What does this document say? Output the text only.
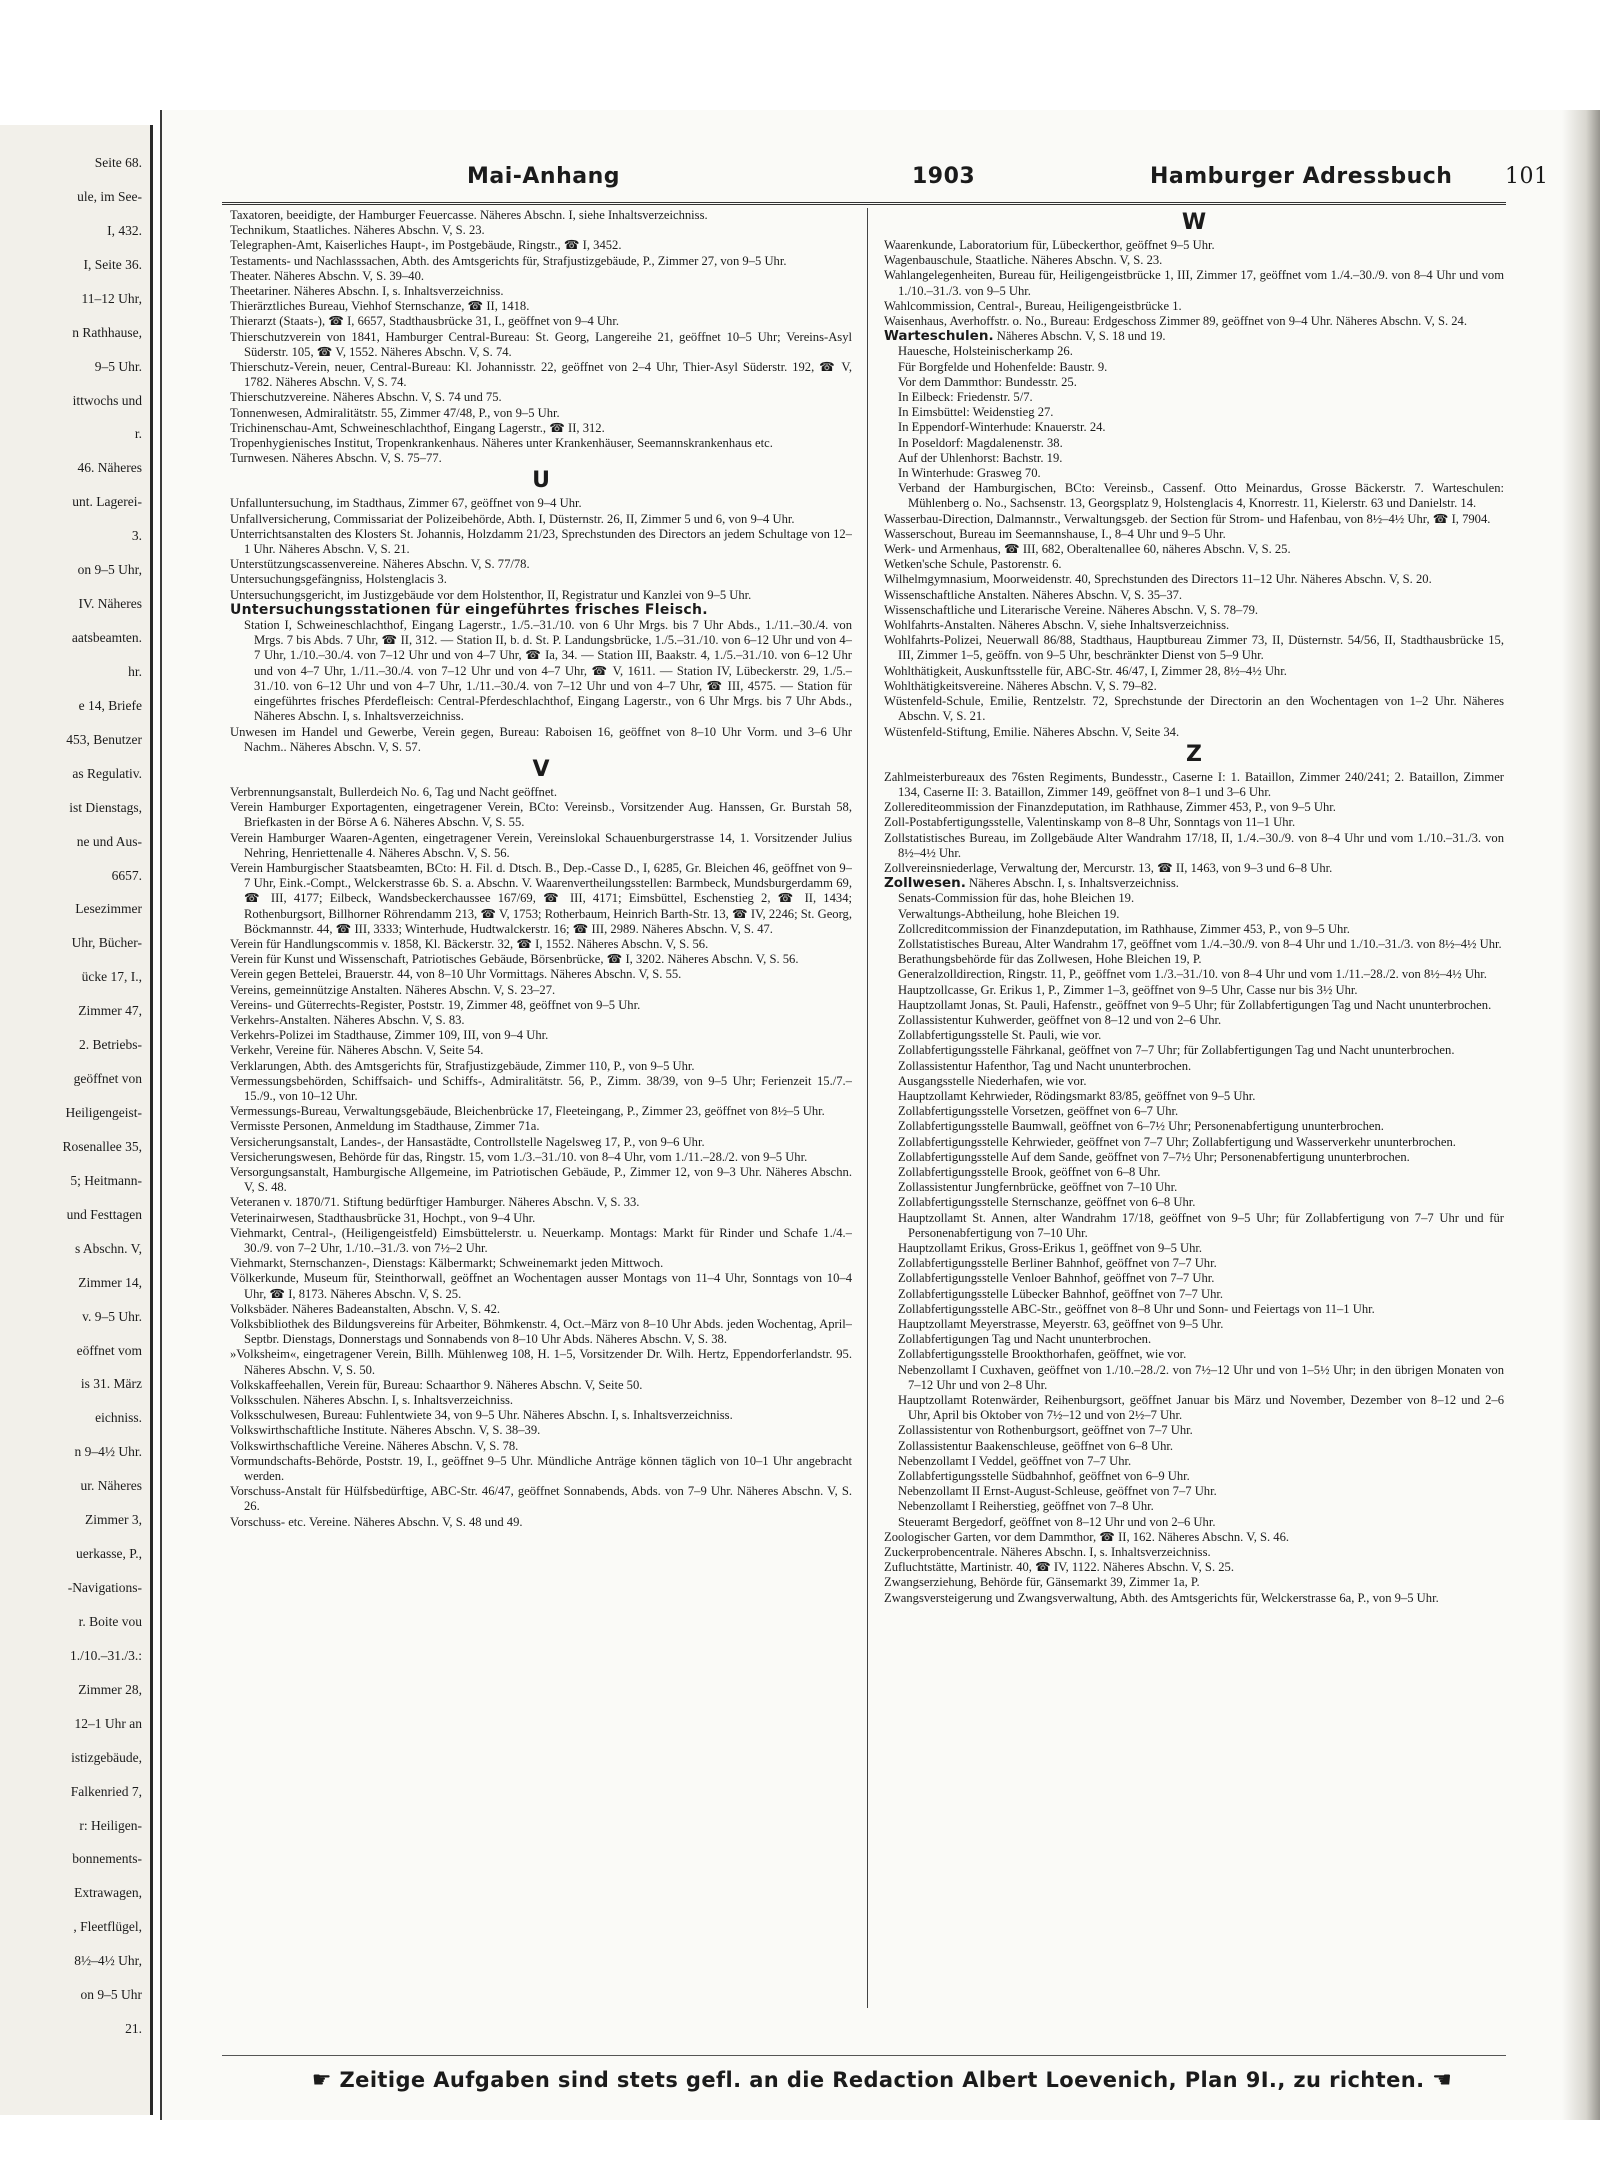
Seite 68.
ule, im See-
I, 432.
I, Seite 36.
11–12 Uhr,
n Rathhause,
9–5 Uhr.
ittwochs und
r.
46. Näheres
unt. Lagerei-
3.
on 9–5 Uhr,
IV. Näheres
aatsbeamten.
hr.
e 14, Briefe
453, Benutzer
as Regulativ.
ist Dienstags,
ne und Aus-
6657.
Lesezimmer
Uhr, Bücher-
ücke 17, I.,
Zimmer 47,
2. Betriebs-
geöffnet von
Heiligengeist-
Rosenallee 35,
5; Heitmann-
und Festtagen
s Abschn. V,
Zimmer 14,
v. 9–5 Uhr.
eöffnet vom
is 31. März
eichniss.
n 9–4½ Uhr.
ur. Näheres
Zimmer 3,
uerkasse, P.,
-Navigations-
r. Boite vou
1./10.–31./3.:
Zimmer 28,
12–1 Uhr an
istizgebäude,
Falkenried 7,
r: Heiligen-
bonnements-
Extrawagen,
, Fleetflügel,
8½–4½ Uhr,
on 9–5 Uhr
21.
Mai-Anhang	1903	Hamburger Adressbuch 101

Taxatoren, beeidigte, der Hamburger Feuercasse. Näheres Abschn. I, siehe Inhaltsverzeichniss.

Technikum, Staatliches. Näheres Abschn. V, S. 23.

Telegraphen-Amt, Kaiserliches Haupt-, im Postgebäude, Ringstr., ☎ I, 3452.

Testaments- und Nachlasssachen, Abth. des Amtsgerichts für, Strafjustizgebäude, P., Zimmer 27, von 9–5 Uhr.

Theater. Näheres Abschn. V, S. 39–40.

Theetariner. Näheres Abschn. I, s. Inhaltsverzeichniss.

Thierärztliches Bureau, Viehhof Sternschanze, ☎ II, 1418.

Thierarzt (Staats-), ☎ I, 6657, Stadthausbrücke 31, I., geöffnet von 9–4 Uhr.

Thierschutzverein von 1841, Hamburger Central-Bureau: St. Georg, Langereihe 21, geöffnet 10–5 Uhr; Vereins-Asyl Süderstr. 105, ☎ V, 1552. Näheres Abschn. V, S. 74.

Thierschutz-Verein, neuer, Central-Bureau: Kl. Johannisstr. 22, geöffnet von 2–4 Uhr, Thier-Asyl Süderstr. 192, ☎ V, 1782. Näheres Abschn. V, S. 74.

Thierschutzvereine. Näheres Abschn. V, S. 74 und 75.

Tonnenwesen, Admiralitätstr. 55, Zimmer 47/48, P., von 9–5 Uhr.

Trichinenschau-Amt, Schweineschlachthof, Eingang Lagerstr., ☎ II, 312.

Tropenhygienisches Institut, Tropenkrankenhaus. Näheres unter Krankenhäuser, Seemannskrankenhaus etc.

Turnwesen. Näheres Abschn. V, S. 75–77.

U

Unfalluntersuchung, im Stadthaus, Zimmer 67, geöffnet von 9–4 Uhr.

Unfallversicherung, Commissariat der Polizeibehörde, Abth. I, Düsternstr. 26, II, Zimmer 5 und 6, von 9–4 Uhr.

Unterrichtsanstalten des Klosters St. Johannis, Holzdamm 21/23, Sprechstunden des Directors an jedem Schultage von 12–1 Uhr. Näheres Abschn. V, S. 21.

Unterstützungscassenvereine. Näheres Abschn. V, S. 77/78.

Untersuchungsgefängniss, Holstenglacis 3.

Untersuchungsgericht, im Justizgebäude vor dem Holstenthor, II, Registratur und Kanzlei von 9–5 Uhr.

Untersuchungsstationen für eingeführtes frisches Fleisch.

Station I, Schweineschlachthof, Eingang Lagerstr., 1./5.–31./10. von 6 Uhr Mrgs. bis 7 Uhr Abds., 1./11.–30./4. von Mrgs. 7 bis Abds. 7 Uhr, ☎ II, 312. — Station II, b. d. St. P. Landungsbrücke, 1./5.–31./10. von 6–12 Uhr und von 4–7 Uhr, 1./10.–30./4. von 7–12 Uhr und von 4–7 Uhr, ☎ Ia, 34. — Station III, Baakstr. 4, 1./5.–31./10. von 6–12 Uhr und von 4–7 Uhr, 1./11.–30./4. von 7–12 Uhr und von 4–7 Uhr, ☎ V, 1611. — Station IV, Lübeckerstr. 29, 1./5.–31./10. von 6–12 Uhr und von 4–7 Uhr, 1./11.–30./4. von 7–12 Uhr und von 4–7 Uhr, ☎ III, 4575. — Station für eingeführtes frisches Pferdefleisch: Central-Pferdeschlachthof, Eingang Lagerstr., von 6 Uhr Mrgs. bis 7 Uhr Abds., Näheres Abschn. I, s. Inhaltsverzeichniss.

Unwesen im Handel und Gewerbe, Verein gegen, Bureau: Raboisen 16, geöffnet von 8–10 Uhr Vorm. und 3–6 Uhr Nachm.. Näheres Abschn. V, S. 57.

V

Verbrennungsanstalt, Bullerdeich No. 6, Tag und Nacht geöffnet.

Verein Hamburger Exportagenten, eingetragener Verein, BCto: Vereinsb., Vorsitzender Aug. Hanssen, Gr. Burstah 58, Briefkasten in der Börse A 6. Näheres Abschn. V, S. 55.

Verein Hamburger Waaren-Agenten, eingetragener Verein, Vereinslokal Schauenburgerstrasse 14, 1. Vorsitzender Julius Nehring, Henriettenalle 4. Näheres Abschn. V, S. 56.

Verein Hamburgischer Staatsbeamten, BCto: H. Fil. d. Dtsch. B., Dep.-Casse D., I, 6285, Gr. Bleichen 46, geöffnet von 9–7 Uhr, Eink.-Compt., Welckerstrasse 6b. S. a. Abschn. V. Waarenvertheilungsstellen: Barmbeck, Mundsburgerdamm 69, ☎ III, 4177; Eilbeck, Wandsbeckerchaussee 167/69, ☎ III, 4171; Eimsbüttel, Eschenstieg 2, ☎ II, 1434; Rothenburgsort, Billhorner Röhrendamm 213, ☎ V, 1753; Rotherbaum, Heinrich Barth-Str. 13, ☎ IV, 2246; St. Georg, Böckmannstr. 44, ☎ III, 3333; Winterhude, Hudtwalckerstr. 16; ☎ III, 2989. Näheres Abschn. V, S. 47.

Verein für Handlungscommis v. 1858, Kl. Bäckerstr. 32, ☎ I, 1552. Näheres Abschn. V, S. 56.

Verein für Kunst und Wissenschaft, Patriotisches Gebäude, Börsenbrücke, ☎ I, 3202. Näheres Abschn. V, S. 56.

Verein gegen Bettelei, Brauerstr. 44, von 8–10 Uhr Vormittags. Näheres Abschn. V, S. 55.

Vereins, gemeinnützige Anstalten. Näheres Abschn. V, S. 23–27.

Vereins- und Güterrechts-Register, Poststr. 19, Zimmer 48, geöffnet von 9–5 Uhr.

Verkehrs-Anstalten. Näheres Abschn. V, S. 83.

Verkehrs-Polizei im Stadthause, Zimmer 109, III, von 9–4 Uhr.

Verkehr, Vereine für. Näheres Abschn. V, Seite 54.

Verklarungen, Abth. des Amtsgerichts für, Strafjustizgebäude, Zimmer 110, P., von 9–5 Uhr.

Vermessungsbehörden, Schiffsaich- und Schiffs-, Admiralitätstr. 56, P., Zimm. 38/39, von 9–5 Uhr; Ferienzeit 15./7.–15./9., von 10–12 Uhr.

Vermessungs-Bureau, Verwaltungsgebäude, Bleichenbrücke 17, Fleeteingang, P., Zimmer 23, geöffnet von 8½–5 Uhr.

Vermisste Personen, Anmeldung im Stadthause, Zimmer 71a.

Versicherungsanstalt, Landes-, der Hansastädte, Controllstelle Nagelsweg 17, P., von 9–6 Uhr.

Versicherungswesen, Behörde für das, Ringstr. 15, vom 1./3.–31./10. von 8–4 Uhr, vom 1./11.–28./2. von 9–5 Uhr.

Versorgungsanstalt, Hamburgische Allgemeine, im Patriotischen Gebäude, P., Zimmer 12, von 9–3 Uhr. Näheres Abschn. V, S. 48.

Veteranen v. 1870/71. Stiftung bedürftiger Hamburger. Näheres Abschn. V, S. 33.

Veterinairwesen, Stadthausbrücke 31, Hochpt., von 9–4 Uhr.

Viehmarkt, Central-, (Heiligengeistfeld) Eimsbüttelerstr. u. Neuerkamp. Montags: Markt für Rinder und Schafe 1./4.–30./9. von 7–2 Uhr, 1./10.–31./3. von 7½–2 Uhr.

Viehmarkt, Sternschanzen-, Dienstags: Kälbermarkt; Schweinemarkt jeden Mittwoch.

Völkerkunde, Museum für, Steinthorwall, geöffnet an Wochentagen ausser Montags von 11–4 Uhr, Sonntags von 10–4 Uhr, ☎ I, 8173. Näheres Abschn. V, S. 25.

Volksbäder. Näheres Badeanstalten, Abschn. V, S. 42.

Volksbibliothek des Bildungsvereins für Arbeiter, Böhmkenstr. 4, Oct.–März von 8–10 Uhr Abds. jeden Wochentag, April–Septbr. Dienstags, Donnerstags und Sonnabends von 8–10 Uhr Abds. Näheres Abschn. V, S. 38.

»Volksheim«, eingetragener Verein, Billh. Mühlenweg 108, H. 1–5, Vorsitzender Dr. Wilh. Hertz, Eppendorferlandstr. 95. Näheres Abschn. V, S. 50.

Volkskaffeehallen, Verein für, Bureau: Schaarthor 9. Näheres Abschn. V, Seite 50.

Volksschulen. Näheres Abschn. I, s. Inhaltsverzeichniss.

Volksschulwesen, Bureau: Fuhlentwiete 34, von 9–5 Uhr. Näheres Abschn. I, s. Inhaltsverzeichniss.

Volkswirthschaftliche Institute. Näheres Abschn. V, S. 38–39.

Volkswirthschaftliche Vereine. Näheres Abschn. V, S. 78.

Vormundschafts-Behörde, Poststr. 19, I., geöffnet 9–5 Uhr. Mündliche Anträge können täglich von 10–1 Uhr angebracht werden.

Vorschuss-Anstalt für Hülfsbedürftige, ABC-Str. 46/47, geöffnet Sonnabends, Abds. von 7–9 Uhr. Näheres Abschn. V, S. 26.

Vorschuss- etc. Vereine. Näheres Abschn. V, S. 48 und 49.

W

Waarenkunde, Laboratorium für, Lübeckerthor, geöffnet 9–5 Uhr.

Wagenbauschule, Staatliche. Näheres Abschn. V, S. 23.

Wahlangelegenheiten, Bureau für, Heiligengeistbrücke 1, III, Zimmer 17, geöffnet vom 1./4.–30./9. von 8–4 Uhr und vom 1./10.–31./3. von 9–5 Uhr.

Wahlcommission, Central-, Bureau, Heiligengeistbrücke 1.

Waisenhaus, Averhoffstr. o. No., Bureau: Erdgeschoss Zimmer 89, geöffnet von 9–4 Uhr. Näheres Abschn. V, S. 24.

Warteschulen. Näheres Abschn. V, S. 18 und 19.

Hauesche, Holsteinischerkamp 26.

Für Borgfelde und Hohenfelde: Baustr. 9.

Vor dem Dammthor: Bundesstr. 25.

In Eilbeck: Friedenstr. 5/7.

In Eimsbüttel: Weidenstieg 27.

In Eppendorf-Winterhude: Knauerstr. 24.

In Poseldorf: Magdalenenstr. 38.

Auf der Uhlenhorst: Bachstr. 19.

In Winterhude: Grasweg 70.

Verband der Hamburgischen, BCto: Vereinsb., Cassenf. Otto Meinardus, Grosse Bäckerstr. 7. Warteschulen: Mühlenberg o. No., Sachsenstr. 13, Georgsplatz 9, Holstenglacis 4, Knorrestr. 11, Kielerstr. 63 und Danielstr. 14.

Wasserbau-Direction, Dalmannstr., Verwaltungsgeb. der Section für Strom- und Hafenbau, von 8½–4½ Uhr, ☎ I, 7904.

Wasserschout, Bureau im Seemannshause, I., 8–4 Uhr und 9–5 Uhr.

Werk- und Armenhaus, ☎ III, 682, Oberaltenallee 60, näheres Abschn. V, S. 25.

Wetken'sche Schule, Pastorenstr. 6.

Wilhelmgymnasium, Moorweidenstr. 40, Sprechstunden des Directors 11–12 Uhr. Näheres Abschn. V, S. 20.

Wissenschaftliche Anstalten. Näheres Abschn. V, S. 35–37.

Wissenschaftliche und Literarische Vereine. Näheres Abschn. V, S. 78–79.

Wohlfahrts-Anstalten. Näheres Abschn. V, siehe Inhaltsverzeichniss.

Wohlfahrts-Polizei, Neuerwall 86/88, Stadthaus, Hauptbureau Zimmer 73, II, Düsternstr. 54/56, II, Stadthausbrücke 15, III, Zimmer 1–5, geöffn. von 9–5 Uhr, beschränkter Dienst von 5–9 Uhr.

Wohlthätigkeit, Auskunftsstelle für, ABC-Str. 46/47, I, Zimmer 28, 8½–4½ Uhr.

Wohlthätigkeitsvereine. Näheres Abschn. V, S. 79–82.

Wüstenfeld-Schule, Emilie, Rentzelstr. 72, Sprechstunde der Directorin an den Wochentagen von 1–2 Uhr. Näheres Abschn. V, S. 21.

Wüstenfeld-Stiftung, Emilie. Näheres Abschn. V, Seite 34.

Z

Zahlmeisterbureaux des 76sten Regiments, Bundesstr., Caserne I: 1. Bataillon, Zimmer 240/241; 2. Bataillon, Zimmer 134, Caserne II: 3. Bataillon, Zimmer 149, geöffnet von 8–1 und 3–6 Uhr.

Zollerediteommission der Finanzdeputation, im Rathhause, Zimmer 453, P., von 9–5 Uhr.

Zoll-Postabfertigungsstelle, Valentinskamp von 8–8 Uhr, Sonntags von 11–1 Uhr.

Zollstatistisches Bureau, im Zollgebäude Alter Wandrahm 17/18, II, 1./4.–30./9. von 8–4 Uhr und vom 1./10.–31./3. von 8½–4½ Uhr.

Zollvereinsniederlage, Verwaltung der, Mercurstr. 13, ☎ II, 1463, von 9–3 und 6–8 Uhr.

Zollwesen. Näheres Abschn. I, s. Inhaltsverzeichniss.

Senats-Commission für das, hohe Bleichen 19.

Verwaltungs-Abtheilung, hohe Bleichen 19.

Zollcreditcommission der Finanzdeputation, im Rathhause, Zimmer 453, P., von 9–5 Uhr.

Zollstatistisches Bureau, Alter Wandrahm 17, geöffnet vom 1./4.–30./9. von 8–4 Uhr und 1./10.–31./3. von 8½–4½ Uhr.

Berathungsbehörde für das Zollwesen, Hohe Bleichen 19, P.

Generalzolldirection, Ringstr. 11, P., geöffnet vom 1./3.–31./10. von 8–4 Uhr und vom 1./11.–28./2. von 8½–4½ Uhr.

Hauptzollcasse, Gr. Erikus 1, P., Zimmer 1–3, geöffnet von 9–5 Uhr, Casse nur bis 3½ Uhr.

Hauptzollamt Jonas, St. Pauli, Hafenstr., geöffnet von 9–5 Uhr; für Zollabfertigungen Tag und Nacht ununterbrochen.

Zollassistentur Kuhwerder, geöffnet von 8–12 und von 2–6 Uhr.

Zollabfertigungsstelle St. Pauli, wie vor.

Zollabfertigungsstelle Fährkanal, geöffnet von 7–7 Uhr; für Zollabfertigungen Tag und Nacht ununterbrochen.

Zollassistentur Hafenthor, Tag und Nacht ununterbrochen.

Ausgangsstelle Niederhafen, wie vor.

Hauptzollamt Kehrwieder, Rödingsmarkt 83/85, geöffnet von 9–5 Uhr.

Zollabfertigungsstelle Vorsetzen, geöffnet von 6–7 Uhr.

Zollabfertigungsstelle Baumwall, geöffnet von 6–7½ Uhr; Personenabfertigung ununterbrochen.

Zollabfertigungsstelle Kehrwieder, geöffnet von 7–7 Uhr; Zollabfertigung und Wasserverkehr ununterbrochen.

Zollabfertigungsstelle Auf dem Sande, geöffnet von 7–7½ Uhr; Personenabfertigung ununterbrochen.

Zollabfertigungsstelle Brook, geöffnet von 6–8 Uhr.

Zollassistentur Jungfernbrücke, geöffnet von 7–10 Uhr.

Zollabfertigungsstelle Sternschanze, geöffnet von 6–8 Uhr.

Hauptzollamt St. Annen, alter Wandrahm 17/18, geöffnet von 9–5 Uhr; für Zollabfertigung von 7–7 Uhr und für Personenabfertigung von 7–10 Uhr.

Hauptzollamt Erikus, Gross-Erikus 1, geöffnet von 9–5 Uhr.

Zollabfertigungsstelle Berliner Bahnhof, geöffnet von 7–7 Uhr.

Zollabfertigungsstelle Venloer Bahnhof, geöffnet von 7–7 Uhr.

Zollabfertigungsstelle Lübecker Bahnhof, geöffnet von 7–7 Uhr.

Zollabfertigungsstelle ABC-Str., geöffnet von 8–8 Uhr und Sonn- und Feiertags von 11–1 Uhr.

Hauptzollamt Meyerstrasse, Meyerstr. 63, geöffnet von 9–5 Uhr.

Zollabfertigungen Tag und Nacht ununterbrochen.

Zollabfertigungsstelle Brookthorhafen, geöffnet, wie vor.

Nebenzollamt I Cuxhaven, geöffnet von 1./10.–28./2. von 7½–12 Uhr und von 1–5½ Uhr; in den übrigen Monaten von 7–12 Uhr und von 2–8 Uhr.

Hauptzollamt Rotenwärder, Reihenburgsort, geöffnet Januar bis März und November, Dezember von 8–12 und 2–6 Uhr, April bis Oktober von 7½–12 und von 2½–7 Uhr.

Zollassistentur von Rothenburgsort, geöffnet von 7–7 Uhr.

Zollassistentur Baakenschleuse, geöffnet von 6–8 Uhr.

Nebenzollamt I Veddel, geöffnet von 7–7 Uhr.

Zollabfertigungsstelle Südbahnhof, geöffnet von 6–9 Uhr.

Nebenzollamt II Ernst-August-Schleuse, geöffnet von 7–7 Uhr.

Nebenzollamt I Reiherstieg, geöffnet von 7–8 Uhr.

Steueramt Bergedorf, geöffnet von 8–12 Uhr und von 2–6 Uhr.

Zoologischer Garten, vor dem Dammthor, ☎ II, 162. Näheres Abschn. V, S. 46.

Zuckerprobencentrale. Näheres Abschn. I, s. Inhaltsverzeichniss.

Zufluchtstätte, Martinistr. 40, ☎ IV, 1122. Näheres Abschn. V, S. 25.

Zwangserziehung, Behörde für, Gänsemarkt 39, Zimmer 1a, P.

Zwangsversteigerung und Zwangsverwaltung, Abth. des Amtsgerichts für, Welckerstrasse 6a, P., von 9–5 Uhr.

☛ Zeitige Aufgaben sind stets gefl. an die Redaction Albert Loevenich, Plan 9I., zu richten. ☚
